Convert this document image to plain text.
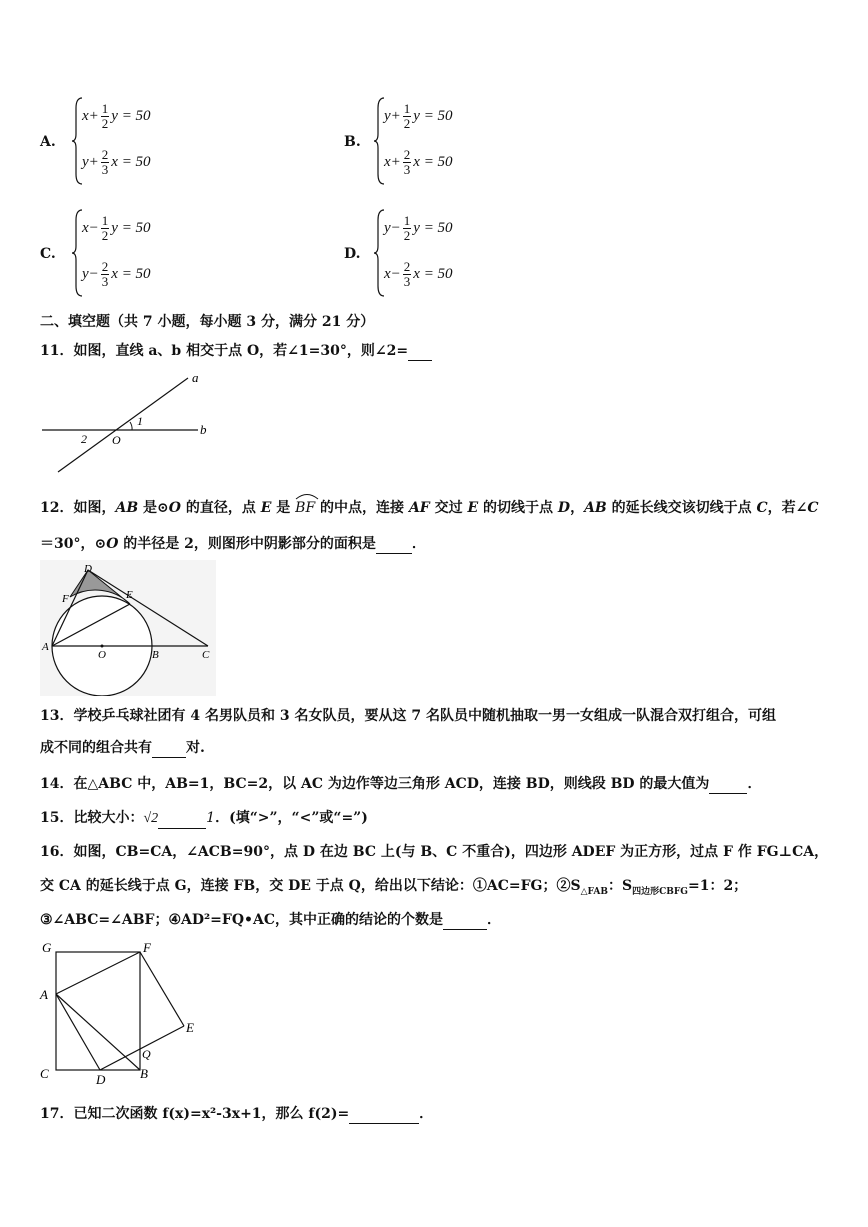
A.
$x+ \frac{1}{2}$ y = 50
$y+ \frac{2}{3}$ x = 50
B.
$y+ \frac{1}{2}$ y = 50
$x+ \frac{2}{3}$ x = 50
C.
$x- \frac{1}{2}$ y = 50
$y- \frac{2}{3}$ x = 50
D.
$y- \frac{1}{2}$ y = 50
$x- \frac{2}{3}$ x = 50
二、填空题（共 7 小题，每小题 3 分，满分 21 分）
11．如图，直线 a、b 相交于点 O，若∠1=30°，则∠2=
a
b
O
1
2
12．如图，AB 是⊙O 的直径，点 E 是
BF 的中点，连接 AF 交过 E 的切线于点 D，AB 的延长线交该切线于点 C，若∠C
＝30°，⊙O 的半径是 2，则图形中阴影部分的面积是	．
D
F	E
A
O	B	C
13．学校乒乓球社团有 4 名男队员和 3 名女队员，要从这 7 名队员中随机抽取一男一女组成一队混合双打组合，可组
成不同的组合共有 对.
14．在△ABC 中，AB=1，BC=2，以 AC 为边作等边三角形 ACD，连接 BD，则线段 BD 的最大值为	．
15．比较大小：√2	1．(填“>”，“<”或“=”)
16．如图，CB=CA，∠ACB=90°，点 D 在边 BC 上(与 B、C 不重合)，四边形 ADEF 为正方形，过点 F 作 FG⊥CA，
交 CA 的延长线于点 G，连接 FB，交 DE 于点 Q，给出以下结论：①AC=FG；$②S_{\triangle FAB}$：$S_{四边形CBFG}=1$：2；
③∠ABC=∠ABF；④AD²=FQ•AC，其中正确的结论的个数是	．
G	F
A
E
Q
C	D	B
17．已知二次函数 f(x)=x²-3x+1，那么 f(2)=	．
